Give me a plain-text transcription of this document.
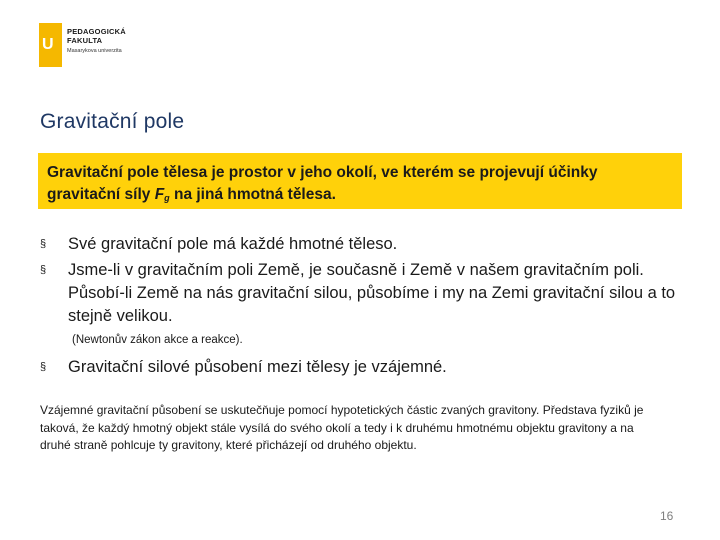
U
PEDAGOGICKÁ
FAKULTA
Masarykova univerzita
Gravitační pole
Gravitační pole tělesa je prostor v jeho okolí, ve kterém se projevují účinky gravitační síly $F_g$ na jiná hmotná tělesa.
§ Své gravitační pole má každé hmotné těleso.
§ Jsme-li v gravitačním poli Země, je současně i Země v našem gravitačním poli. Působí-li Země na nás gravitační silou, působíme i my na Zemi gravitační silou a to stejně velikou.
(Newtonův zákon akce a reakce).
§ Gravitační silové působení mezi tělesy je vzájemné.
Vzájemné gravitační působení se uskutečňuje pomocí hypotetických částic zvaných gravitony. Představa fyziků je taková, že každý hmotný objekt stále vysílá do svého okolí a tedy i k druhému hmotnému objektu gravitony a na druhé straně pohlcuje ty gravitony, které přicházejí od druhého objektu.
16
